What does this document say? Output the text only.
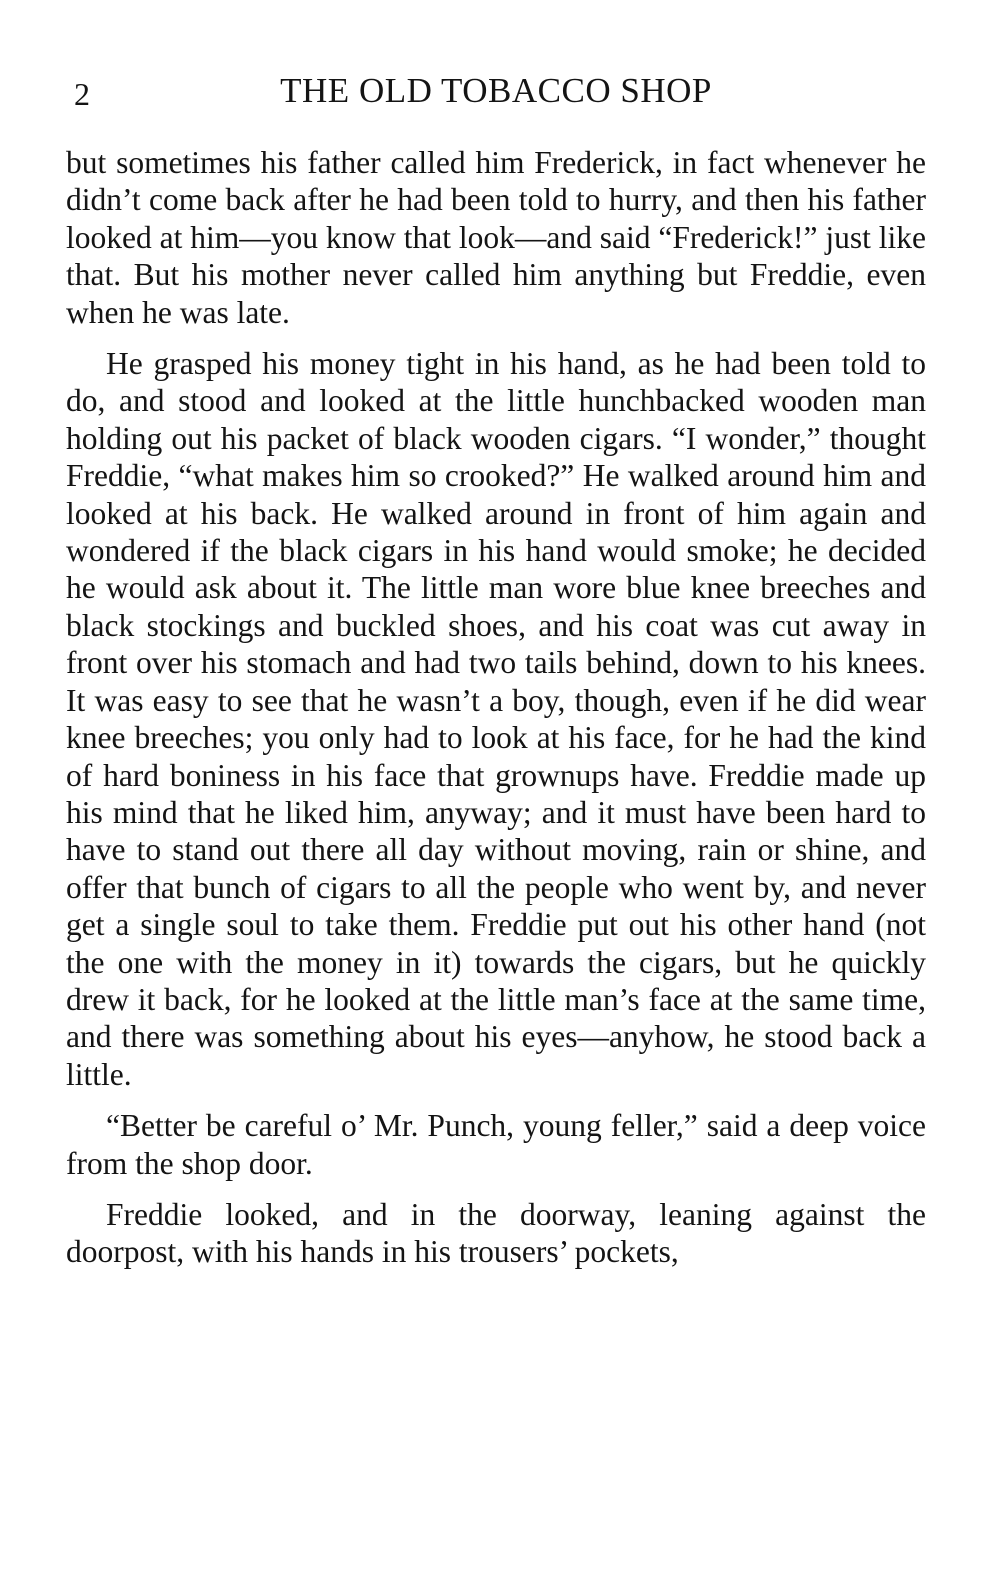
2	THE OLD TOBACCO SHOP

but sometimes his father called him Frederick, in fact whenever he didn’t come back after he had been told to hurry, and then his father looked at him—you know that look—and said “Frederick!” just like that. But his mother never called him anything but Freddie, even when he was late.

He grasped his money tight in his hand, as he had been told to do, and stood and looked at the little hunchbacked wooden man holding out his packet of black wooden cigars. “I wonder,” thought Freddie, “what makes him so crooked?” He walked around him and looked at his back. He walked around in front of him again and wondered if the black cigars in his hand would smoke; he decided he would ask about it. The little man wore blue knee breeches and black stockings and buckled shoes, and his coat was cut away in front over his stomach and had two tails behind, down to his knees. It was easy to see that he wasn’t a boy, though, even if he did wear knee breeches; you only had to look at his face, for he had the kind of hard boniness in his face that grownups have. Freddie made up his mind that he liked him, anyway; and it must have been hard to have to stand out there all day without moving, rain or shine, and offer that bunch of cigars to all the people who went by, and never get a single soul to take them. Freddie put out his other hand (not the one with the money in it) towards the cigars, but he quickly drew it back, for he looked at the little man’s face at the same time, and there was something about his eyes—anyhow, he stood back a little.

“Better be careful o’ Mr. Punch, young feller,” said a deep voice from the shop door.

Freddie looked, and in the doorway, leaning against the doorpost, with his hands in his trousers’ pockets,
